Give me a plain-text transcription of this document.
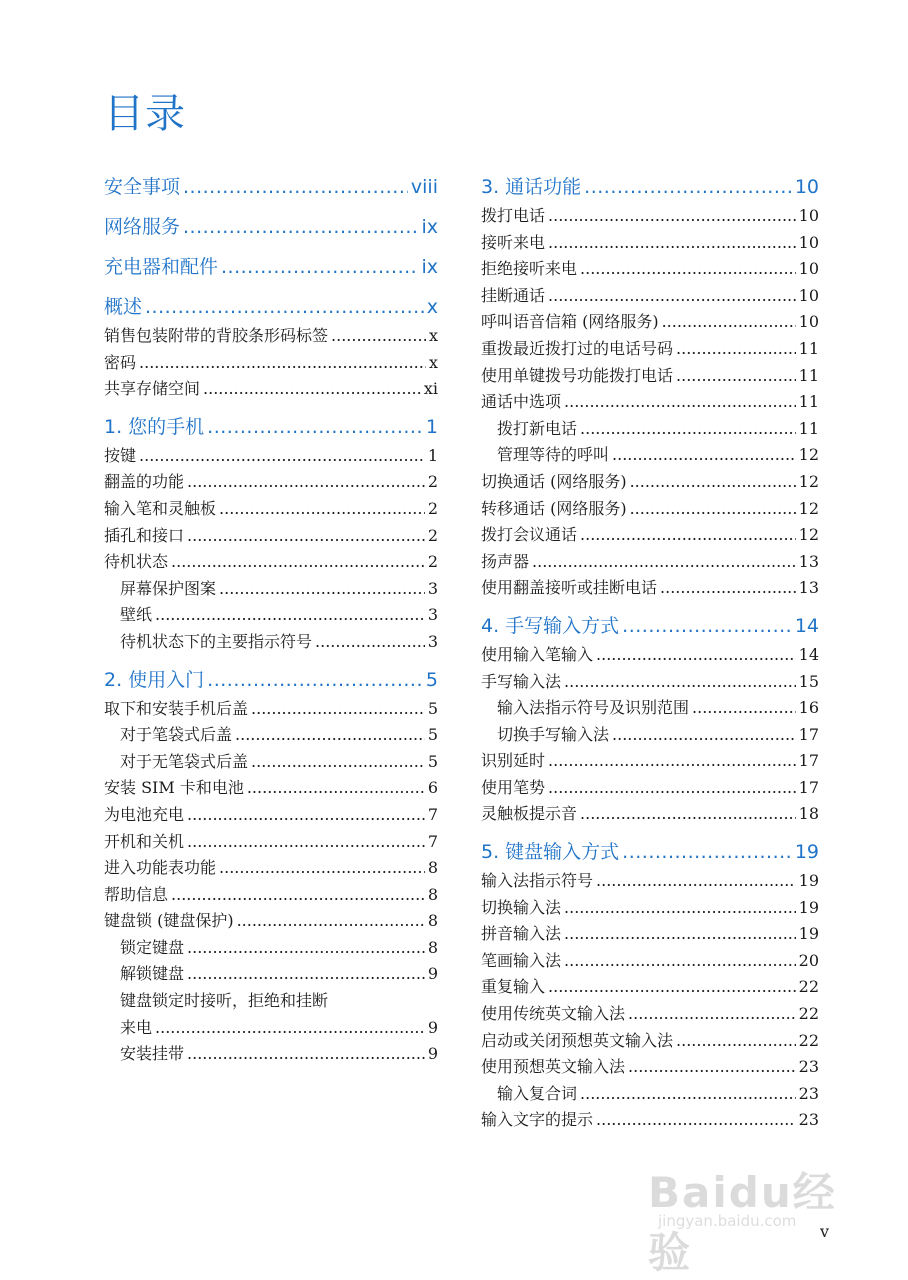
目录
安全事项 .....	viii
网络服务 .....	ix
充电器和配件 .....	ix
概述 .....	x
销售包装附带的背胶条形码标签 .....	x
密码 .....	x
共享存储空间 .....	xi
1. 您的手机 .....	1
按键 .....	1
翻盖的功能 .....	2
输入笔和灵触板 .....	2
插孔和接口 .....	2
待机状态 .....	2
屏幕保护图案 .....	3
壁纸 .....	3
待机状态下的主要指示符号 .....	3
2. 使用入门 .....	5
取下和安装手机后盖 .....	5
对于笔袋式后盖 .....	5
对于无笔袋式后盖 .....	5
安装 SIM 卡和电池 .....	6
为电池充电 .....	7
开机和关机 .....	7
进入功能表功能 .....	8
帮助信息 .....	8
键盘锁 (键盘保护) .....	8
锁定键盘 .....	8
解锁键盘 .....	9
键盘锁定时接听，拒绝和挂断
来电 .....	9
安装挂带 .....	9
3. 通话功能 .....	10
拨打电话 .....	10
接听来电 .....	10
拒绝接听来电 .....	10
挂断通话 .....	10
呼叫语音信箱 (网络服务) .....	10
重拨最近拨打过的电话号码 .....	11
使用单键拨号功能拨打电话 .....	11
通话中选项 .....	11
拨打新电话 .....	11
管理等待的呼叫 .....	12
切换通话 (网络服务) .....	12
转移通话 (网络服务) .....	12
拨打会议通话 .....	12
扬声器 .....	13
使用翻盖接听或挂断电话 .....	13
4. 手写输入方式 .....	14
使用输入笔输入 .....	14
手写输入法 .....	15
输入法指示符号及识别范围 .....	16
切换手写输入法 .....	17
识别延时 .....	17
使用笔势 .....	17
灵触板提示音 .....	18
5. 键盘输入方式 .....	19
输入法指示符号 .....	19
切换输入法 .....	19
拼音输入法 .....	19
笔画输入法 .....	20
重复输入 .....	22
使用传统英文输入法 .....	22
启动或关闭预想英文输入法 .....	22
使用预想英文输入法 .....	23
输入复合词 .....	23
输入文字的提示 .....	23
v
Baidu经验
jingyan.baidu.com
